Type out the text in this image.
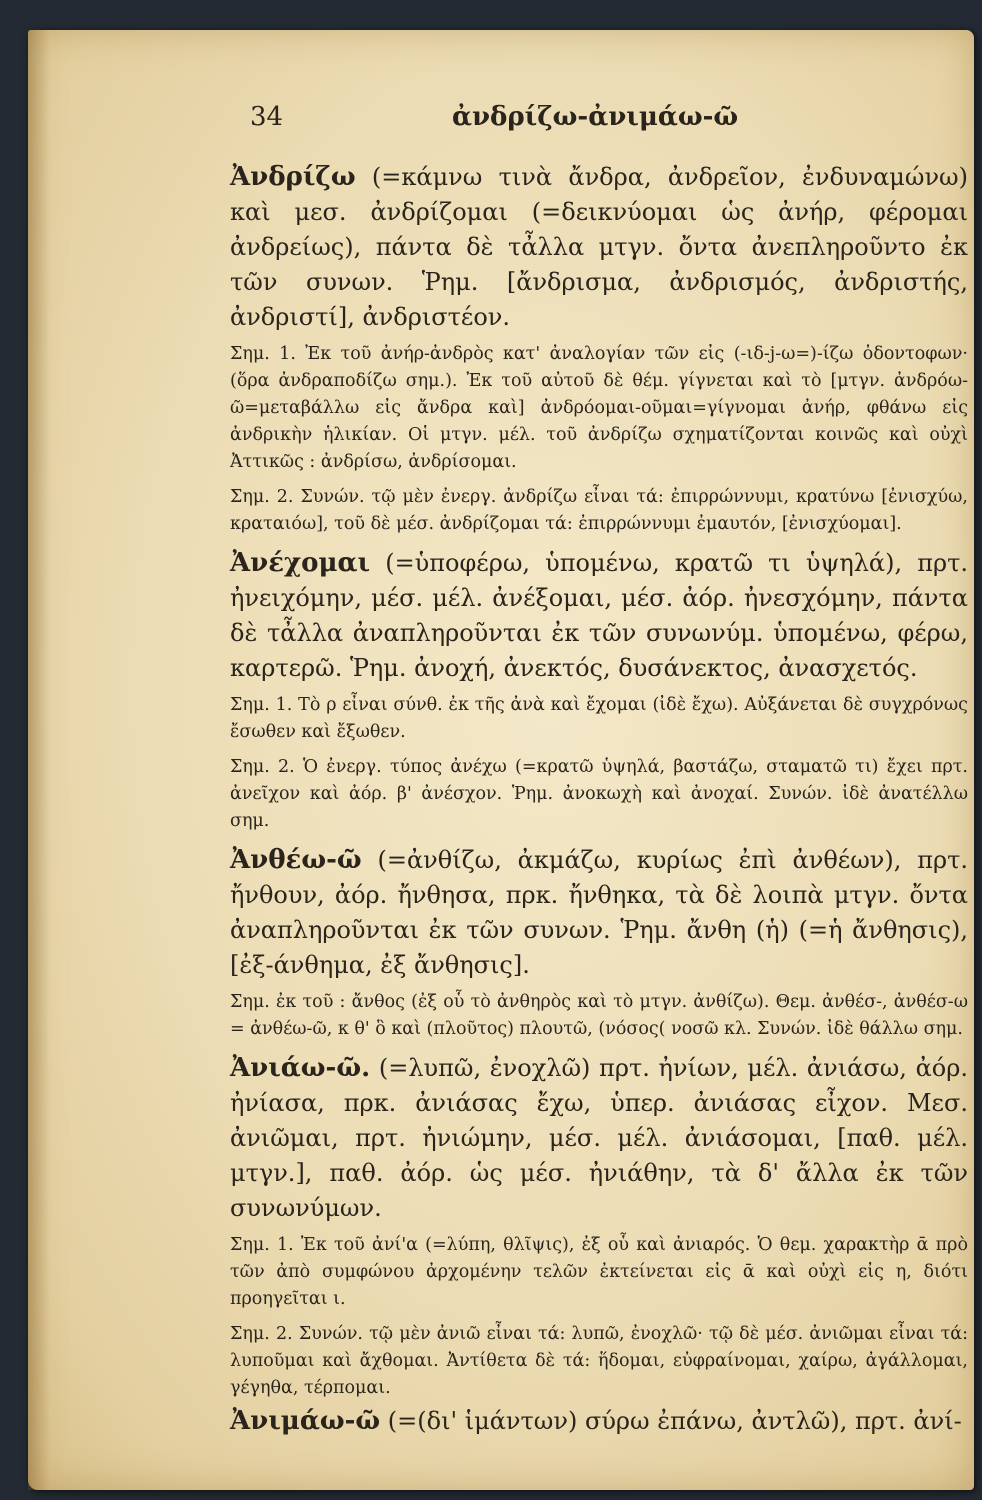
34	ἀνδρίζω-ἀνιμάω-ῶ

Ἀνδρίζω (=κάμνω τινὰ ἄνδρα, ἀνδρεῖον, ἐνδυναμώνω) καὶ μεσ. ἀνδρίζομαι (=δεικνύομαι ὡς ἀνήρ, φέρομαι ἀνδρείως), πάντα δὲ τἆλλα μτγν. ὄντα ἀνεπληροῦντο ἐκ τῶν συνων. Ῥημ. [ἄνδρισμα, ἀνδρισμός, ἀνδριστής, ἀνδριστί], ἀνδριστέον.

Σημ. 1. Ἐκ τοῦ ἀνήρ-ἀνδρὸς κατ' ἀναλογίαν τῶν εἰς (-ιδ-j-ω=)-ίζω ὀδοντοφων· (ὅρα ἀνδραποδίζω σημ.). Ἐκ τοῦ αὐτοῦ δὲ θέμ. γίγνεται καὶ τὸ [μτγν. ἀνδρόω-ῶ=μεταβάλλω εἰς ἄνδρα καὶ] ἀνδρόομαι-οῦμαι=γίγνομαι ἀνήρ, φθάνω εἰς ἀνδρικὴν ἡλικίαν. Οἱ μτγν. μέλ. τοῦ ἀνδρίζω σχηματίζονται κοινῶς καὶ οὐχὶ Ἀττικῶς : ἀνδρίσω, ἀνδρίσομαι.

Σημ. 2. Συνών. τῷ μὲν ἐνεργ. ἀνδρίζω εἶναι τά: ἐπιρρώννυμι, κρατύνω [ἐνισχύω, κραταιόω], τοῦ δὲ μέσ. ἀνδρίζομαι τά: ἐπιρρώννυμι ἐμαυτόν, [ἐνισχύομαι].

Ἀνέχομαι (=ὑποφέρω, ὑπομένω, κρατῶ τι ὑψηλά), πρτ. ἠνειχόμην, μέσ. μέλ. ἀνέξομαι, μέσ. ἀόρ. ἠνεσχόμην, πάντα δὲ τἆλλα ἀναπληροῦνται ἐκ τῶν συνωνύμ. ὑπομένω, φέρω, καρτερῶ. Ῥημ. ἀνοχή, ἀνεκτός, δυσάνεκτος, ἀνασχετός.

Σημ. 1. Τὸ ρ εἶναι σύνθ. ἐκ τῆς ἀνὰ καὶ ἔχομαι (ἰδὲ ἔχω). Αὐξάνεται δὲ συγχρόνως ἔσωθεν καὶ ἔξωθεν.

Σημ. 2. Ὁ ἐνεργ. τύπος ἀνέχω (=κρατῶ ὑψηλά, βαστάζω, σταματῶ τι) ἔχει πρτ. ἀνεῖχον καὶ ἀόρ. β' ἀνέσχον. Ῥημ. ἀνοκωχὴ καὶ ἀνοχαί. Συνών. ἰδὲ ἀνατέλλω σημ.

Ἀνθέω-ῶ (=ἀνθίζω, ἀκμάζω, κυρίως ἐπὶ ἀνθέων), πρτ. ἤνθουν, ἀόρ. ἤνθησα, πρκ. ἤνθηκα, τὰ δὲ λοιπὰ μτγν. ὄντα ἀναπληροῦνται ἐκ τῶν συνων. Ῥημ. ἄνθη (ἡ) (=ἡ ἄνθησις), [ἐξ-άνθημα, ἐξ ἄνθησις].

Σημ. ἐκ τοῦ : ἄνθος (ἐξ οὗ τὸ ἀνθηρὸς καὶ τὸ μτγν. ἀνθίζω). Θεμ. ἀνθέσ-, ἀνθέσ-ω = ἀνθέω-ῶ, κ θ' ὃ καὶ (πλοῦτος) πλουτῶ, (νόσος( νοσῶ κλ. Συνών. ἰδὲ θάλλω σημ.

Ἀνιάω-ῶ. (=λυπῶ, ἐνοχλῶ) πρτ. ἠνίων, μέλ. ἀνιάσω, ἀόρ. ἠνίασα, πρκ. ἀνιάσας ἔχω, ὑπερ. ἀνιάσας εἶχον. Μεσ. ἀνιῶμαι, πρτ. ἠνιώμην, μέσ. μέλ. ἀνιάσομαι, [παθ. μέλ. μτγν.], παθ. ἀόρ. ὡς μέσ. ἠνιάθην, τὰ δ' ἄλλα ἐκ τῶν συνωνύμων.

Σημ. 1. Ἐκ τοῦ ἀνί'α (=λύπη, θλῖψις), ἐξ οὗ καὶ ἀνιαρός. Ὁ θεμ. χαρακτὴρ ᾱ πρὸ τῶν ἀπὸ συμφώνου ἀρχομένην τελῶν ἐκτείνεται εἰς ᾱ καὶ οὐχὶ εἰς η, διότι προηγεῖται ι.

Σημ. 2. Συνών. τῷ μὲν ἀνιῶ εἶναι τά: λυπῶ, ἐνοχλῶ· τῷ δὲ μέσ. ἀνιῶμαι εἶναι τά: λυποῦμαι καὶ ἄχθομαι. Ἀντίθετα δὲ τά: ἥδομαι, εὐφραίνομαι, χαίρω, ἀγάλλομαι, γέγηθα, τέρπομαι.

Ἀνιμάω-ῶ (=(δι' ἱμάντων) σύρω ἐπάνω, ἀντλῶ), πρτ. ἀνί-
